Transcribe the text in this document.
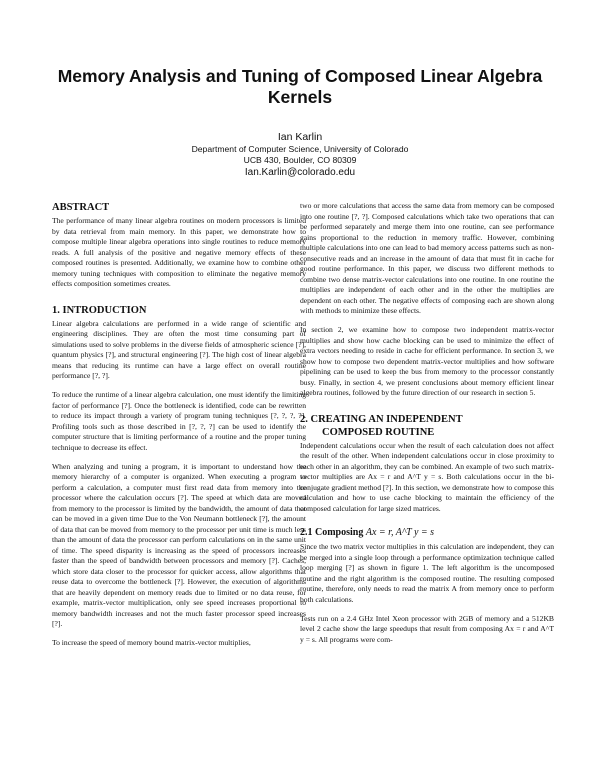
Memory Analysis and Tuning of Composed Linear Algebra Kernels
Ian Karlin
Department of Computer Science, University of Colorado
UCB 430, Boulder, CO 80309
Ian.Karlin@colorado.edu
ABSTRACT

The performance of many linear algebra routines on modern processors is limited by data retrieval from main memory. In this paper, we demonstrate how to compose multiple linear algebra operations into single routines to reduce memory reads. A full analysis of the positive and negative memory effects of these composed routines is presented. Additionally, we examine how to combine other memory tuning techniques with composition to eliminate the negative memory effects composition sometimes creates.

1. INTRODUCTION

Linear algebra calculations are performed in a wide range of scientific and engineering disciplines. They are often the most time consuming part of simulations used to solve problems in the diverse fields of atmospheric science [?], quantum physics [?], and structural engineering [?]. The high cost of linear algebra means that reducing its runtime can have a large effect on overall routine performance [?, ?].

To reduce the runtime of a linear algebra calculation, one must identify the limiting factor of performance [?]. Once the bottleneck is identified, code can be rewritten to reduce its impact through a variety of program tuning techniques [?, ?, ?, ?]. Profiling tools such as those described in [?, ?, ?] can be used to identify the computer structure that is limiting performance of a routine and the proper tuning technique to decrease its effect.

When analyzing and tuning a program, it is important to understand how the memory hierarchy of a computer is organized. When executing a program to perform a calculation, a computer must first read data from memory into the processor where the calculation occurs [?]. The speed at which data are moved from memory to the processor is limited by the bandwidth, the amount of data that can be moved in a given time Due to the Von Neumann bottleneck [?], the amount of data that can be moved from memory to the processor per unit time is much less than the amount of data the processor can perform calculations on in the same unit of time. The speed disparity is increasing as the speed of processors increases faster than the speed of bandwidth between processors and memory [?]. Caches, which store data closer to the processor for quicker access, allow algorithms that reuse data to overcome the bottleneck [?]. However, the execution of algorithms that are heavily dependent on memory reads due to limited or no data reuse, for example, matrix-vector multiplication, only see speed increases proportional to memory bandwidth increases and not the much faster processor speed increases [?].

To increase the speed of memory bound matrix-vector multiplies,

two or more calculations that access the same data from memory can be composed into one routine [?, ?]. Composed calculations which take two operations that can be performed separately and merge them into one routine, can see performance gains proportional to the reduction in memory traffic. However, combining multiple calculations into one can lead to bad memory access patterns such as non-consecutive reads and an increase in the amount of data that must fit in cache for good routine performance. In this paper, we discuss two different methods to combine two dense matrix-vector calculations into one routine. In one routine the multiplies are independent of each other and in the other the multiplies are dependent on each other. The negative effects of composing each are shown along with methods to minimize these effects.

In section 2, we examine how to compose two independent matrix-vector multiplies and show how cache blocking can be used to minimize the effect of extra vectors needing to reside in cache for efficient performance. In section 3, we show how to compose two dependent matrix-vector multiplies and how software pipelining can be used to keep the bus from memory to the processor constantly busy. Finally, in section 4, we present conclusions about memory efficient linear algebra routines, followed by the future direction of our research in section 5.

2. CREATING AN INDEPENDENT
COMPOSED ROUTINE

Independent calculations occur when the result of each calculation does not affect the result of the other. When independent calculations occur in close proximity to each other in an algorithm, they can be combined. An example of two such matrix-vector multiplies are Ax = r and A^T y = s. Both calculations occur in the bi-conjugate gradient method [?]. In this section, we demonstrate how to compose this calculation and how to use cache blocking to maintain the efficiency of the composed calculation for large sized matrices.

2.1 Composing Ax = r, A^T y = s

Since the two matrix vector multiplies in this calculation are independent, they can be merged into a single loop through a performance optimization technique called loop merging [?] as shown in figure 1. The left algorithm is the uncomposed routine and the right algorithm is the composed routine. The resulting composed routine, therefore, only needs to read the matrix A from memory once to perform both calculations.

Tests run on a 2.4 GHz Intel Xeon processor with 2GB of memory and a 512KB level 2 cache show the large speedups that result from composing Ax = r and A^T y = s. All programs were com-
